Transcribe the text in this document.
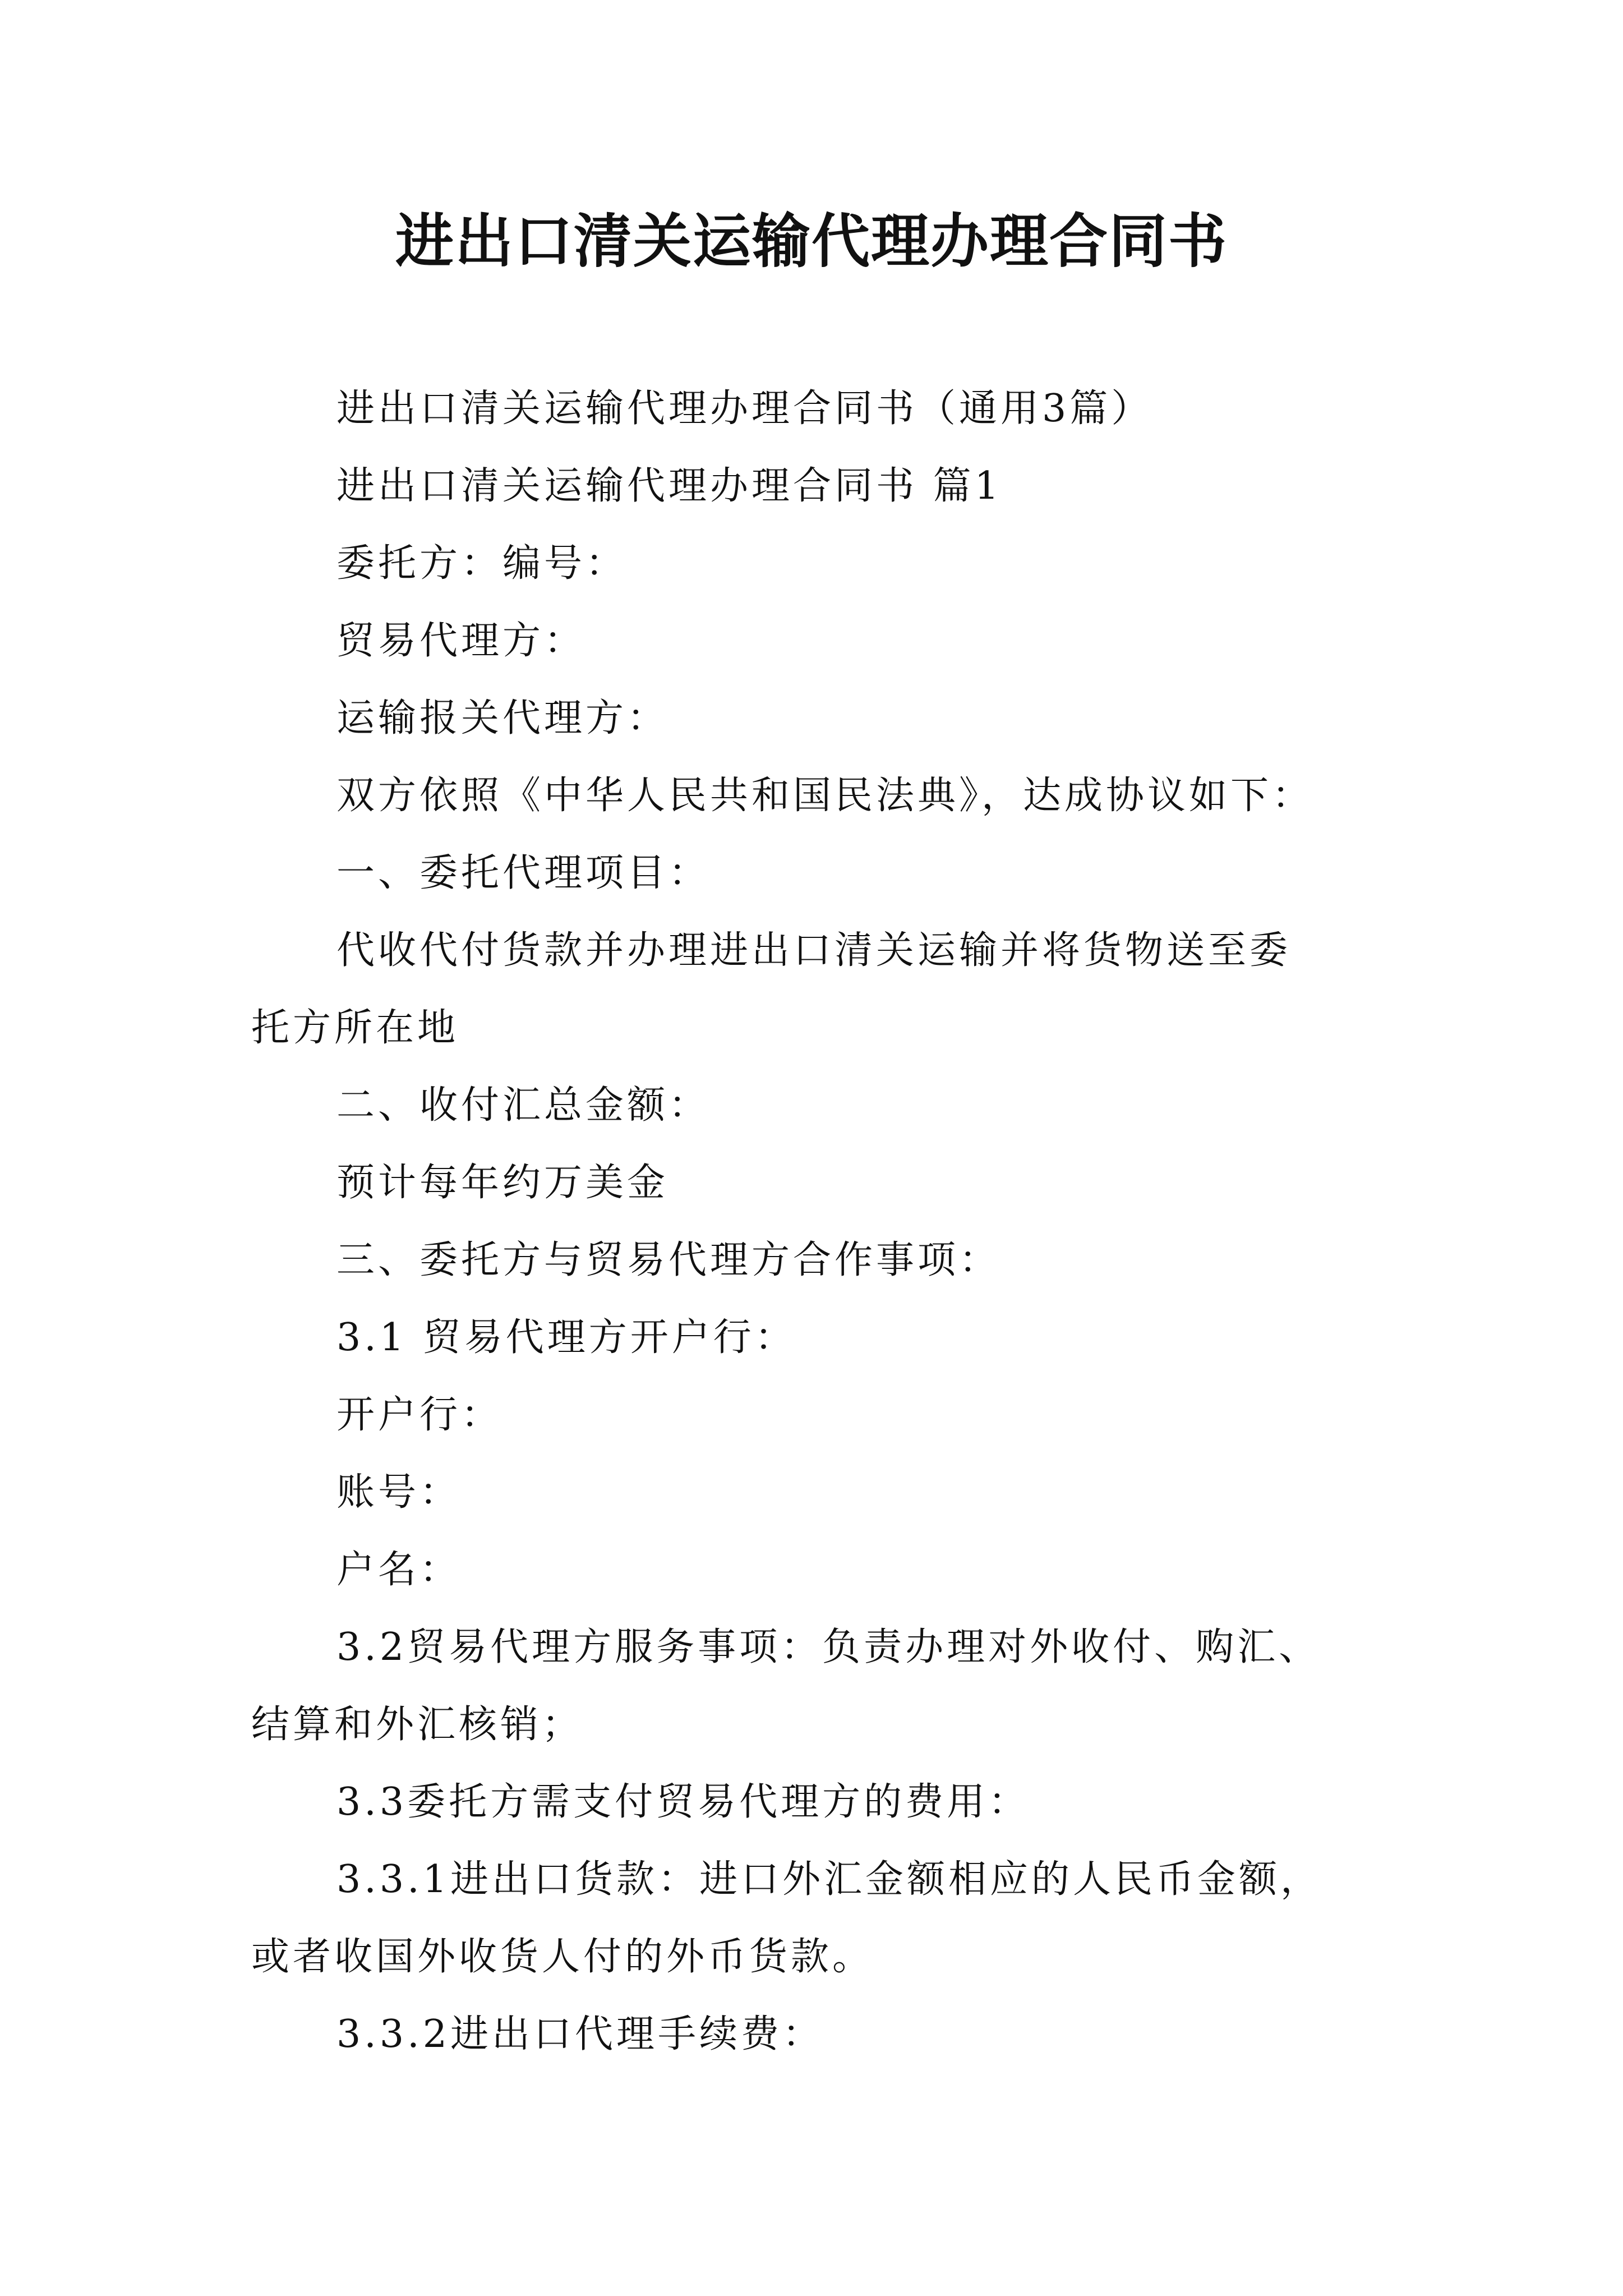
进出口清关运输代理办理合同书
进出口清关运输代理办理合同书（通用3篇）
进出口清关运输代理办理合同书 篇1
委托方：编号：
贸易代理方：
运输报关代理方：
双方依照《中华人民共和国民法典》，达成协议如下：
一、委托代理项目：
代收代付货款并办理进出口清关运输并将货物送至委
托方所在地
二、收付汇总金额：
预计每年约万美金
三、委托方与贸易代理方合作事项：
3.1 贸易代理方开户行：
开户行：
账号：
户名：
3.2贸易代理方服务事项：负责办理对外收付、购汇、
结算和外汇核销；
3.3委托方需支付贸易代理方的费用：
3.3.1进出口货款：进口外汇金额相应的人民币金额，
或者收国外收货人付的外币货款。
3.3.2进出口代理手续费：
